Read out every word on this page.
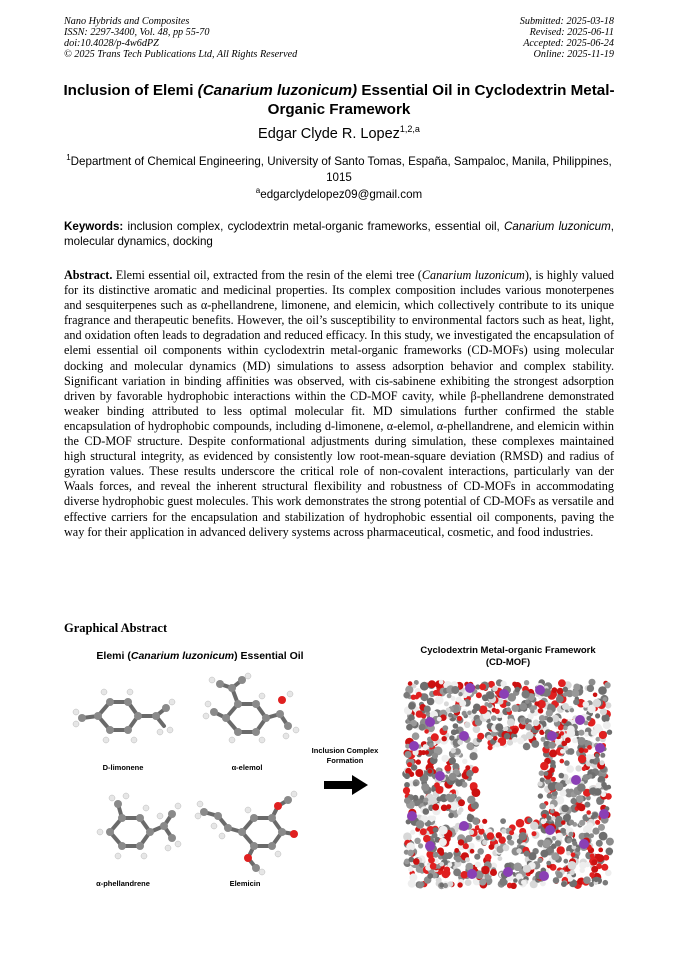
Nano Hybrids and Composites
ISSN: 2297-3400, Vol. 48, pp 55-70
doi:10.4028/p-4w6dPZ
© 2025 Trans Tech Publications Ltd, All Rights Reserved
Submitted: 2025-03-18
Revised: 2025-06-11
Accepted: 2025-06-24
Online: 2025-11-19
Inclusion of Elemi (Canarium luzonicum) Essential Oil in Cyclodextrin Metal-Organic Framework
Edgar Clyde R. Lopez$^{1,2,a}$
$^1$Department of Chemical Engineering, University of Santo Tomas, España, Sampaloc, Manila, Philippines, 1015
$^a$edgarclydelopez09@gmail.com
Keywords: inclusion complex, cyclodextrin metal-organic frameworks, essential oil, Canarium luzonicum, molecular dynamics, docking
Abstract. Elemi essential oil, extracted from the resin of the elemi tree (Canarium luzonicum), is highly valued for its distinctive aromatic and medicinal properties. Its complex composition includes various monoterpenes and sesquiterpenes such as α-phellandrene, limonene, and elemicin, which collectively contribute to its unique fragrance and therapeutic benefits. However, the oil’s susceptibility to environmental factors such as heat, light, and oxidation often leads to degradation and reduced efficacy. In this study, we investigated the encapsulation of elemi essential oil components within cyclodextrin metal-organic frameworks (CD-MOFs) using molecular docking and molecular dynamics (MD) simulations to assess adsorption behavior and complex stability. Significant variation in binding affinities was observed, with cis-sabinene exhibiting the strongest adsorption driven by favorable hydrophobic interactions within the CD-MOF cavity, while β-phellandrene demonstrated weaker binding attributed to less optimal molecular fit. MD simulations further confirmed the stable encapsulation of hydrophobic compounds, including d-limonene, α-elemol, α-phellandrene, and elemicin within the CD-MOF structure. Despite conformational adjustments during simulation, these complexes maintained high structural integrity, as evidenced by consistently low root-mean-square deviation (RMSD) and radius of gyration values. These results underscore the critical role of non-covalent interactions, particularly van der Waals forces, and reveal the inherent structural flexibility and robustness of CD-MOFs in accommodating diverse hydrophobic guest molecules. This work demonstrates the strong potential of CD-MOFs as versatile and effective carriers for the encapsulation and stabilization of hydrophobic essential oil components, paving the way for their application in advanced delivery systems across pharmaceutical, cosmetic, and food industries.
Graphical Abstract
Elemi (Canarium luzonicum) Essential Oil	Cyclodextrin Metal-organic Framework (CD-MOF)
D-limonene	α-elemol
α-phellandrene	Elemicin
Inclusion Complex Formation
